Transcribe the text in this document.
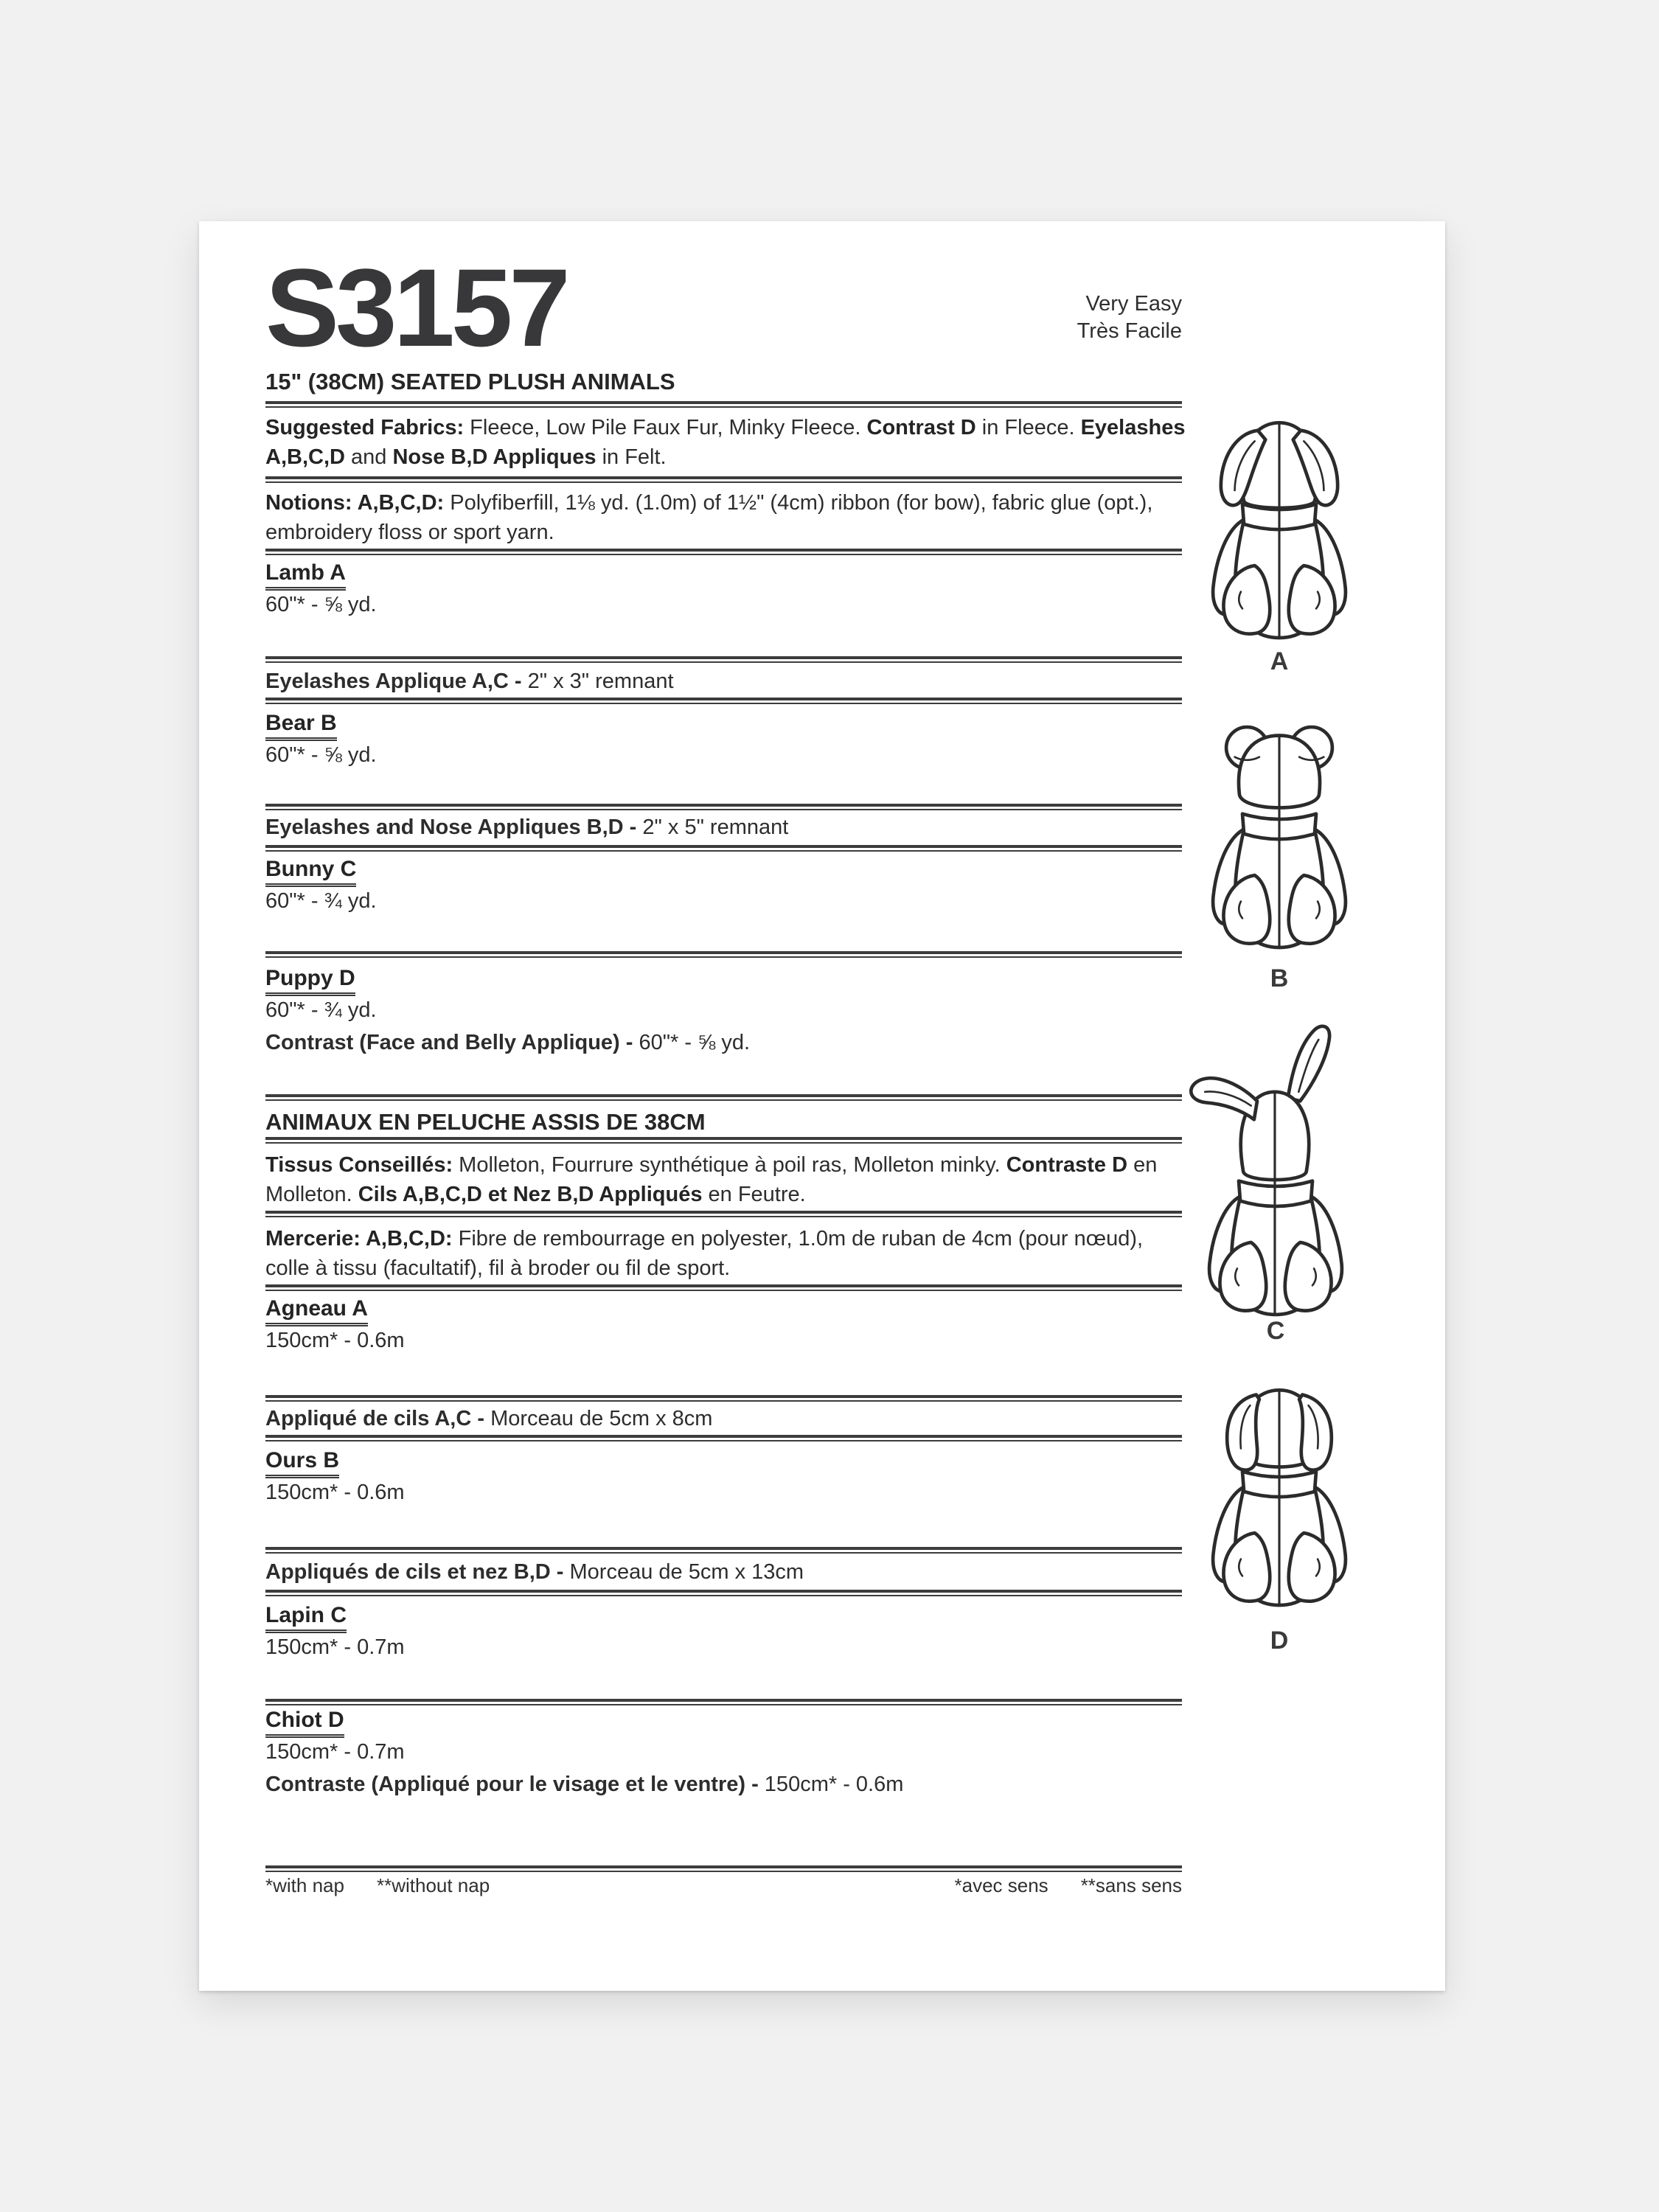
S3157	Very Easy
Très Facile
15" (38CM) SEATED PLUSH ANIMALS
Suggested Fabrics: Fleece, Low Pile Faux Fur, Minky Fleece. Contrast D in Fleece. Eyelashes
A,B,C,D and Nose B,D Appliques in Felt.
Notions: A,B,C,D: Polyfiberfill, 1⅛ yd. (1.0m) of 1½" (4cm) ribbon (for bow), fabric glue (opt.),
embroidery floss or sport yarn.
Lamb A
60"* - ⅝ yd.
Eyelashes Applique A,C - 2" x 3" remnant
Bear B
60"* - ⅝ yd.
Eyelashes and Nose Appliques B,D - 2" x 5" remnant
Bunny C
60"* - ¾ yd.
Puppy D
60"* - ¾ yd.
Contrast (Face and Belly Applique) - 60"* - ⅝ yd.
ANIMAUX EN PELUCHE ASSIS DE 38CM
Tissus Conseillés: Molleton, Fourrure synthétique à poil ras, Molleton minky. Contraste D en
Molleton. Cils A,B,C,D et Nez B,D Appliqués en Feutre.
Mercerie: A,B,C,D: Fibre de rembourrage en polyester, 1.0m de ruban de 4cm (pour nœud),
colle à tissu (facultatif), fil à broder ou fil de sport.
Agneau A
150cm* - 0.6m
Appliqué de cils A,C - Morceau de 5cm x 8cm
Ours B
150cm* - 0.6m
Appliqués de cils et nez B,D - Morceau de 5cm x 13cm
Lapin C
150cm* - 0.7m
Chiot D
150cm* - 0.7m
Contraste (Appliqué pour le visage et le ventre) - 150cm* - 0.6m
*with nap **without nap	*avec sens **sans sens
A
B
C
D
